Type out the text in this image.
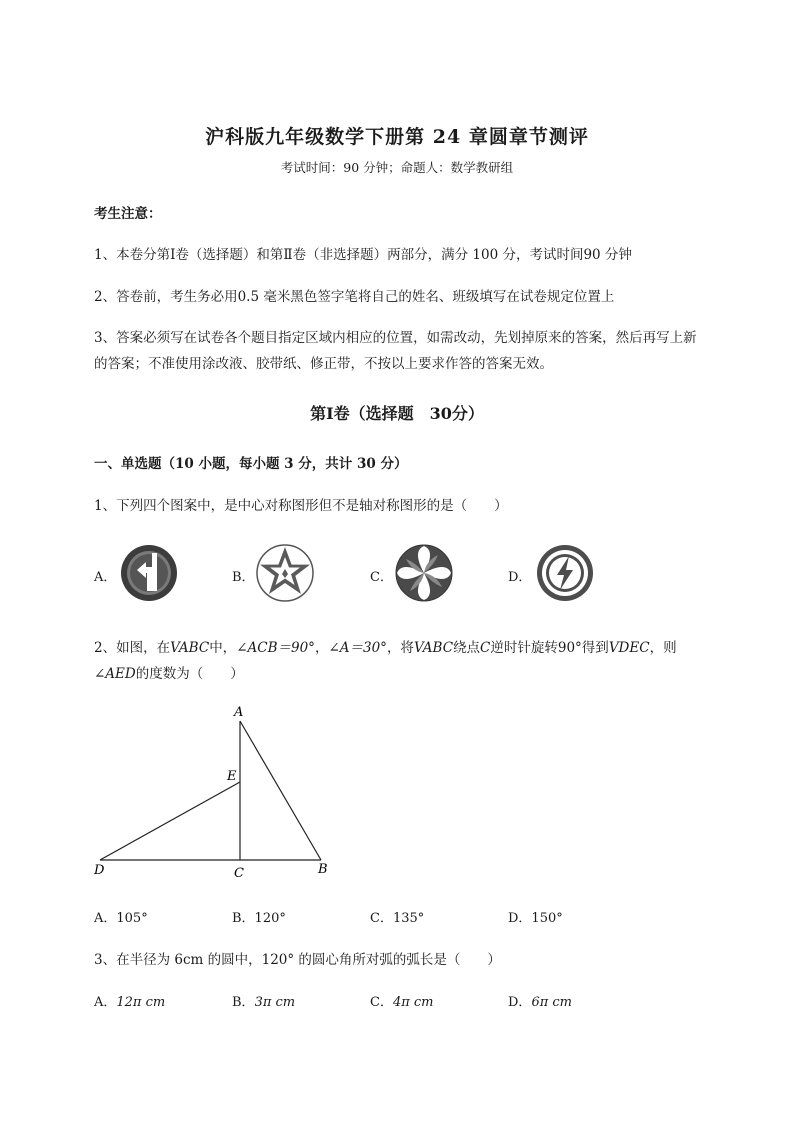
沪科版九年级数学下册第 24 章圆章节测评
考试时间：90 分钟；命题人：数学教研组
考生注意：
1、本卷分第Ⅰ卷（选择题）和第Ⅱ卷（非选择题）两部分，满分 100 分，考试时间90 分钟
2、答卷前，考生务必用0.5 毫米黑色签字笔将自己的姓名、班级填写在试卷规定位置上
3、答案必须写在试卷各个题目指定区域内相应的位置，如需改动，先划掉原来的答案，然后再写上新
的答案；不准使用涂改液、胶带纸、修正带，不按以上要求作答的答案无效。
第Ⅰ卷（选择题　30分）
一、单选题（10 小题，每小题 3 分，共计 30 分）
1、下列四个图案中，是中心对称图形但不是轴对称图形的是（　　）
A．	B．	C．	D．
2、如图，在VABC中，∠ACB＝90°，∠A＝30°，将VABC绕点C逆时针旋转90°得到VDEC，则
∠AED的度数为（　　）
A
E
D	C	B
A．105°	B．120°	C．135°	D．150°
3、在半径为 6cm 的圆中，120° 的圆心角所对弧的弧长是（　　）
A．12π cm	B．3π cm	C．4π cm	D．6π cm
